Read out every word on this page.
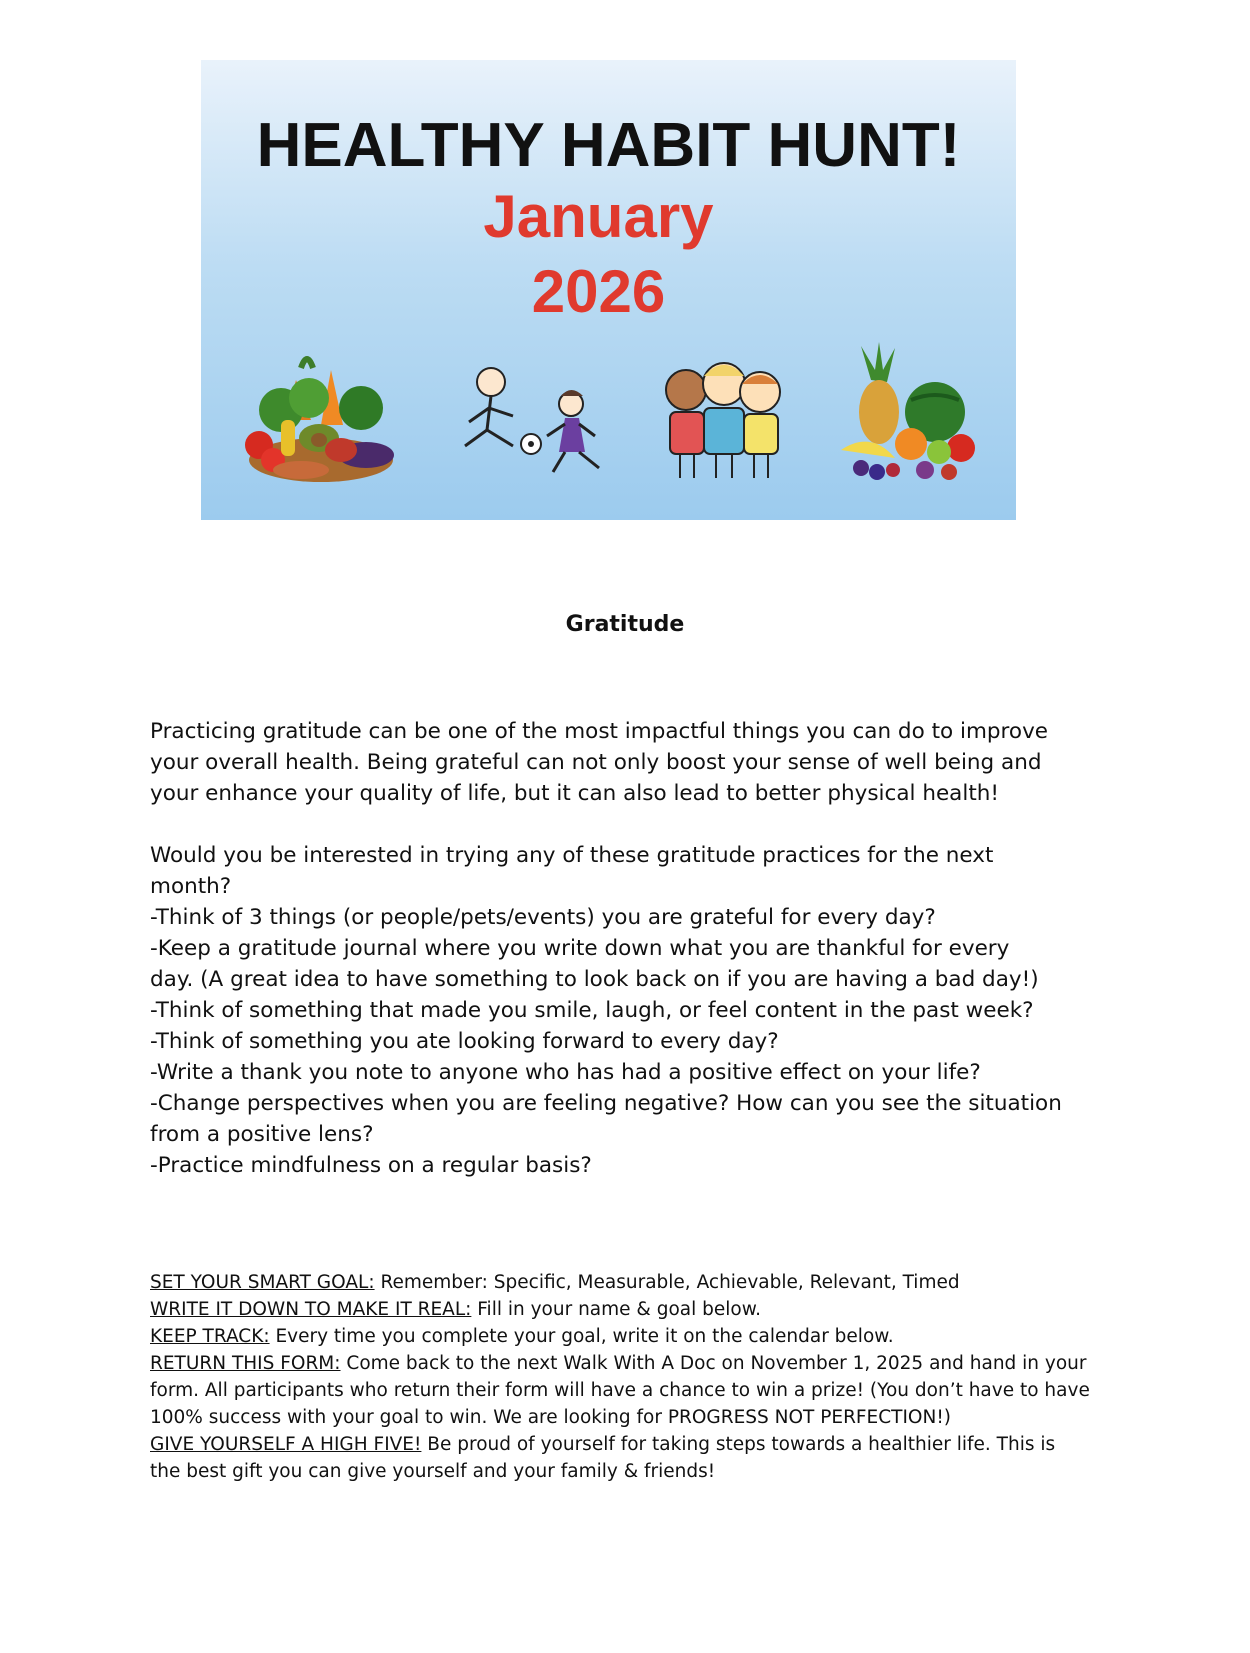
HEALTHY HABIT HUNT!

January

2026

Gratitude

Practicing gratitude can be one of the most impactful things you can do to improve

your overall health. Being grateful can not only boost your sense of well being and

your enhance your quality of life, but it can also lead to better physical health!

Would you be interested in trying any of these gratitude practices for the next

month?

-Think of 3 things (or people/pets/events) you are grateful for every day?

-Keep a gratitude journal where you write down what you are thankful for every

day. (A great idea to have something to look back on if you are having a bad day!)

-Think of something that made you smile, laugh, or feel content in the past week?

-Think of something you ate looking forward to every day?

-Write a thank you note to anyone who has had a positive effect on your life?

-Change perspectives when you are feeling negative? How can you see the situation

from a positive lens?

-Practice mindfulness on a regular basis?

SET YOUR SMART GOAL: Remember: Specific, Measurable, Achievable, Relevant, Timed

WRITE IT DOWN TO MAKE IT REAL: Fill in your name & goal below.

KEEP TRACK: Every time you complete your goal, write it on the calendar below.

RETURN THIS FORM: Come back to the next Walk With A Doc on November 1, 2025 and hand in your

form. All participants who return their form will have a chance to win a prize! (You don’t have to have

100% success with your goal to win. We are looking for PROGRESS NOT PERFECTION!)

GIVE YOURSELF A HIGH FIVE! Be proud of yourself for taking steps towards a healthier life. This is

the best gift you can give yourself and your family & friends!
